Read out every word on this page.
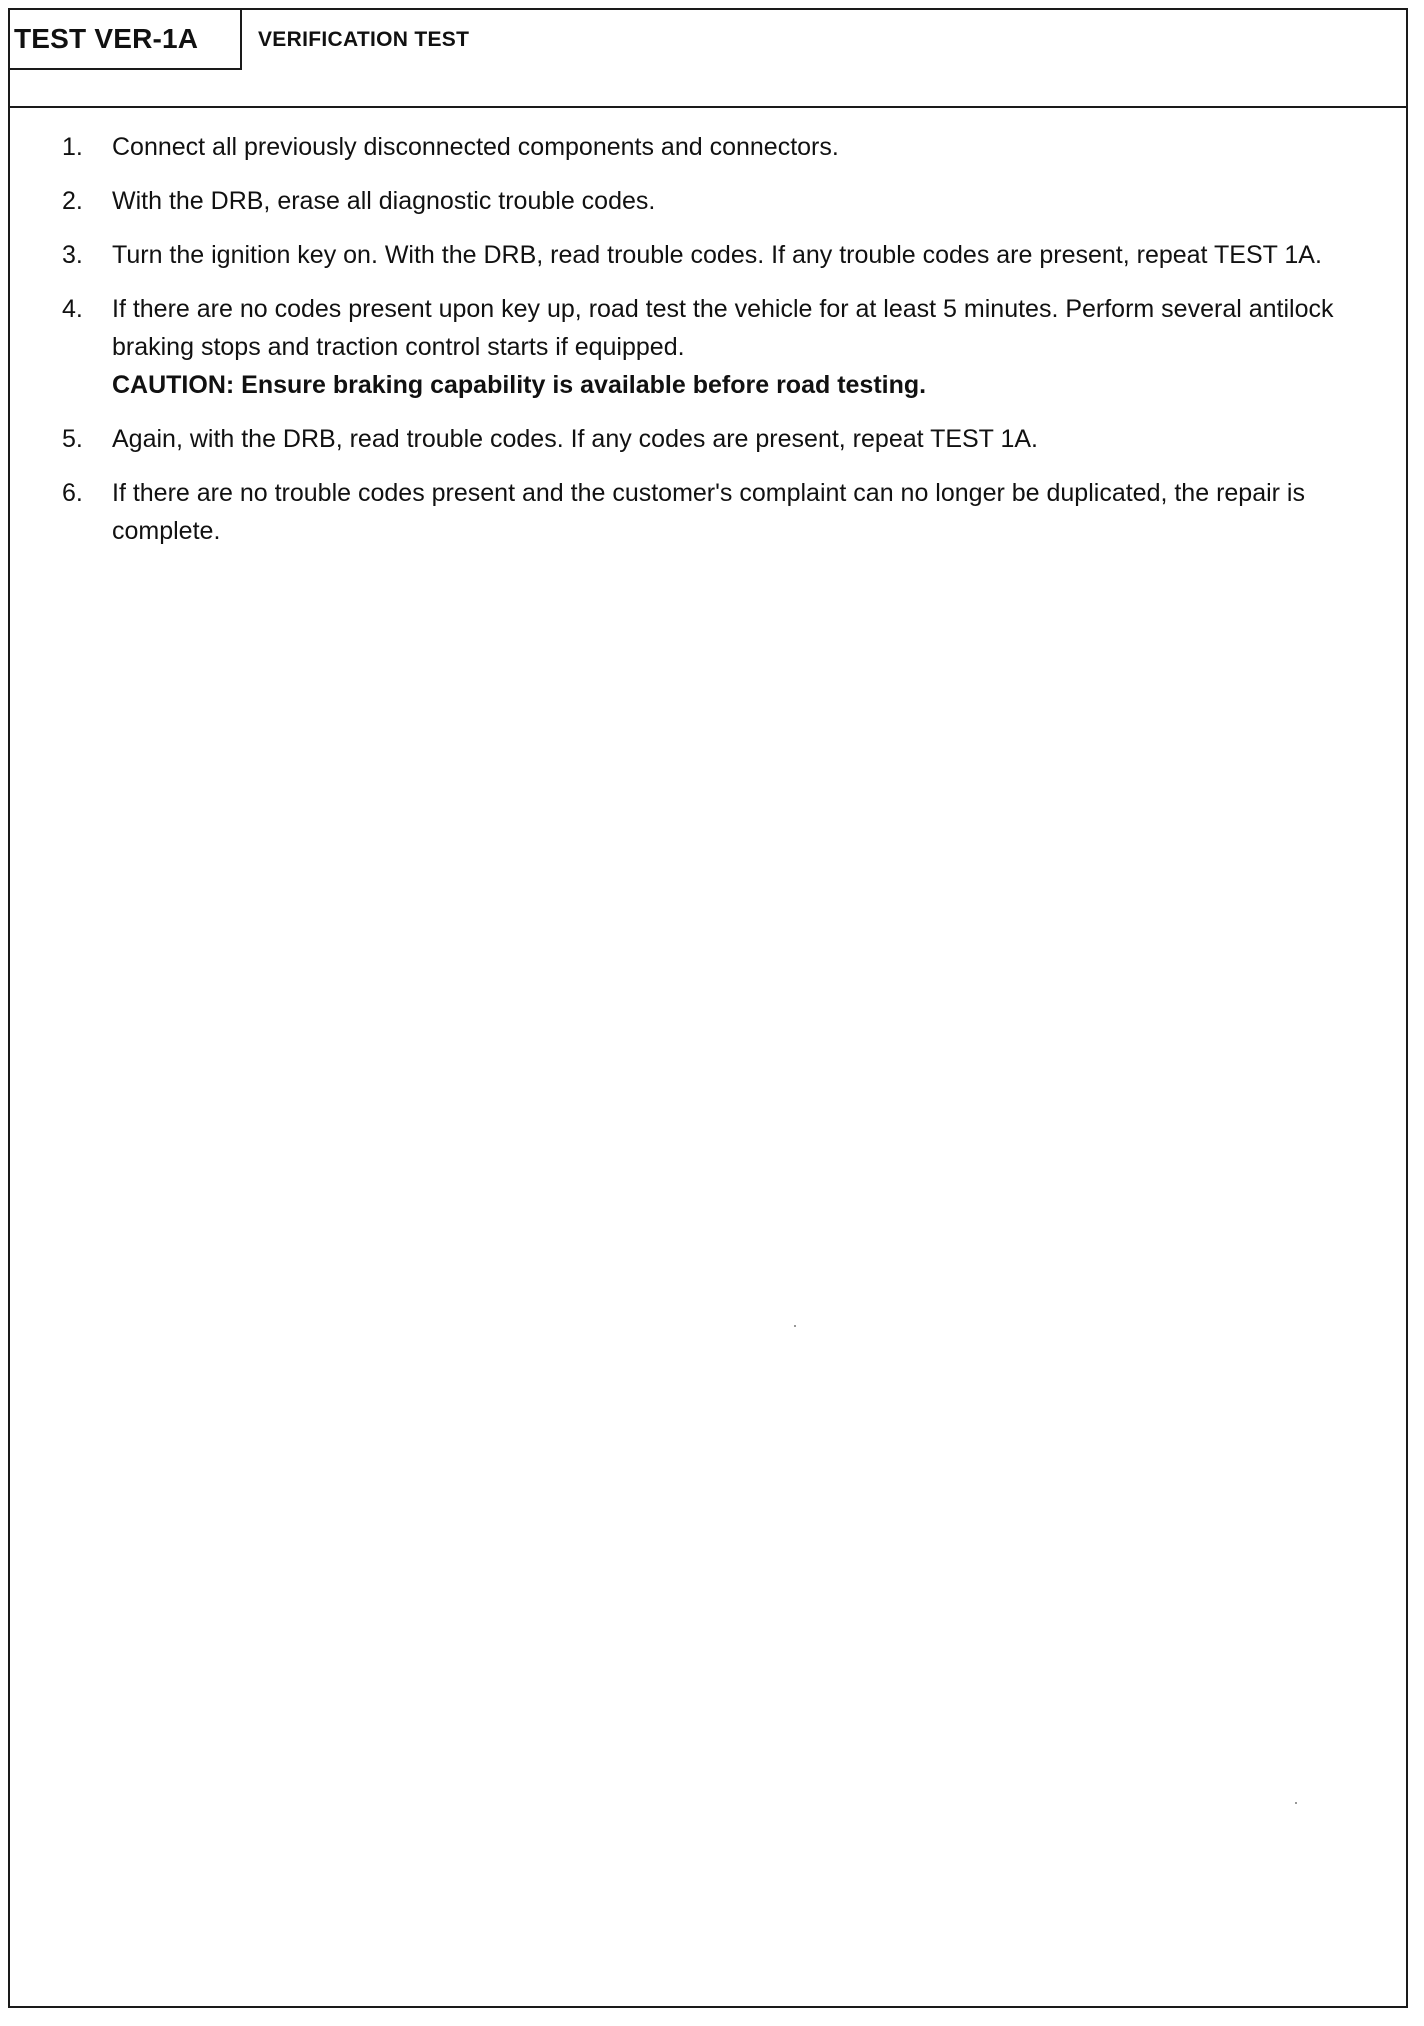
TEST VER-1A	VERIFICATION TEST
1.	Connect all previously disconnected components and connectors.
2.	With the DRB, erase all diagnostic trouble codes.
3.	Turn the ignition key on. With the DRB, read trouble codes. If any trouble codes are present, repeat TEST 1A.
4.	If there are no codes present upon key up, road test the vehicle for at least 5 minutes. Perform several antilock braking stops and traction control starts if equipped.
CAUTION: Ensure braking capability is available before road testing.
5.	Again, with the DRB, read trouble codes. If any codes are present, repeat TEST 1A.
6.	If there are no trouble codes present and the customer's complaint can no longer be duplicated, the repair is complete.
